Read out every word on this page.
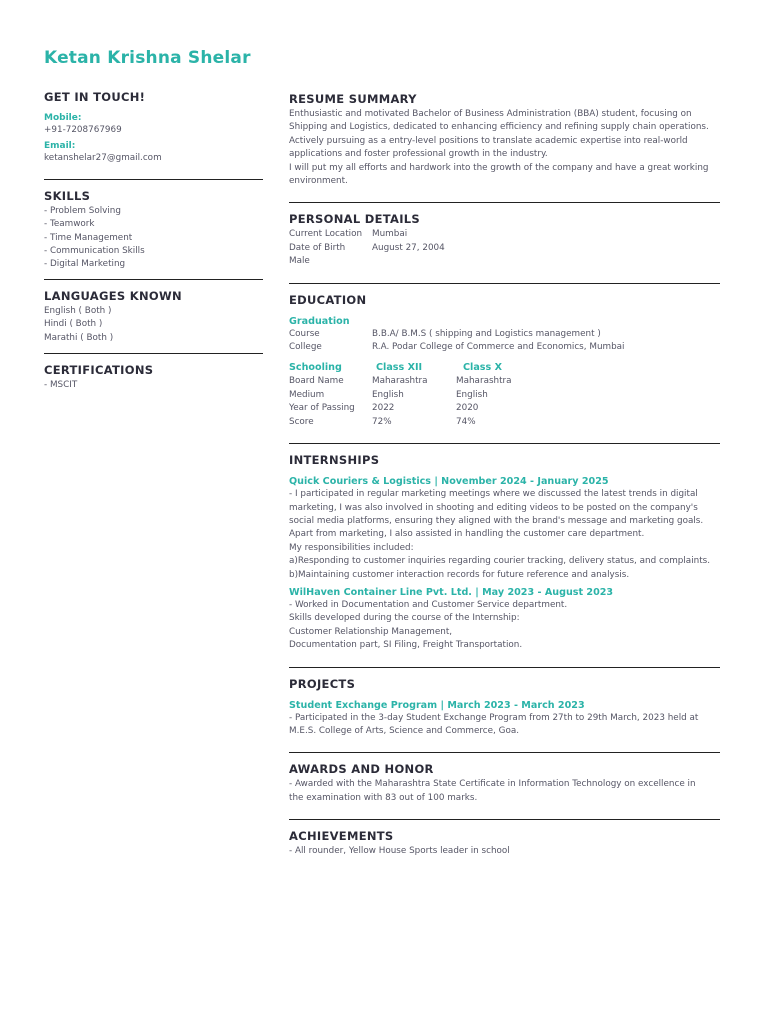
Ketan Krishna Shelar
GET IN TOUCH!
Mobile:
+91-7208767969
Email:
ketanshelar27@gmail.com
SKILLS
- Problem Solving
- Teamwork
- Time Management
- Communication Skills
- Digital Marketing
LANGUAGES KNOWN
English ( Both )
Hindi ( Both )
Marathi ( Both )
CERTIFICATIONS
- MSCIT
RESUME SUMMARY
Enthusiastic and motivated Bachelor of Business Administration (BBA) student, focusing on
Shipping and Logistics, dedicated to enhancing efficiency and refining supply chain operations.
Actively pursuing as a entry-level positions to translate academic expertise into real-world
applications and foster professional growth in the industry.
I will put my all efforts and hardwork into the growth of the company and have a great working
environment.
PERSONAL DETAILS
Current Location	Mumbai
Date of Birth	August 27, 2004
Male
EDUCATION
Graduation
Course	B.B.A/ B.M.S ( shipping and Logistics management )
College	R.A. Podar College of Commerce and Economics, Mumbai
Schooling	Class XII	Class X
Board Name	Maharashtra	Maharashtra
Medium	English	English
Year of Passing	2022	2020
Score	72%	74%
INTERNSHIPS
Quick Couriers & Logistics | November 2024 - January 2025
- I participated in regular marketing meetings where we discussed the latest trends in digital
marketing, I was also involved in shooting and editing videos to be posted on the company's
social media platforms, ensuring they aligned with the brand's message and marketing goals.
Apart from marketing, I also assisted in handling the customer care department.
My responsibilities included:
a)Responding to customer inquiries regarding courier tracking, delivery status, and complaints.
b)Maintaining customer interaction records for future reference and analysis.
WilHaven Container Line Pvt. Ltd. | May 2023 - August 2023
- Worked in Documentation and Customer Service department.
Skills developed during the course of the Internship:
Customer Relationship Management,
Documentation part, SI Filing, Freight Transportation.
PROJECTS
Student Exchange Program | March 2023 - March 2023
- Participated in the 3-day Student Exchange Program from 27th to 29th March, 2023 held at
M.E.S. College of Arts, Science and Commerce, Goa.
AWARDS AND HONOR
- Awarded with the Maharashtra State Certificate in Information Technology on excellence in
the examination with 83 out of 100 marks.
ACHIEVEMENTS
- All rounder, Yellow House Sports leader in school
